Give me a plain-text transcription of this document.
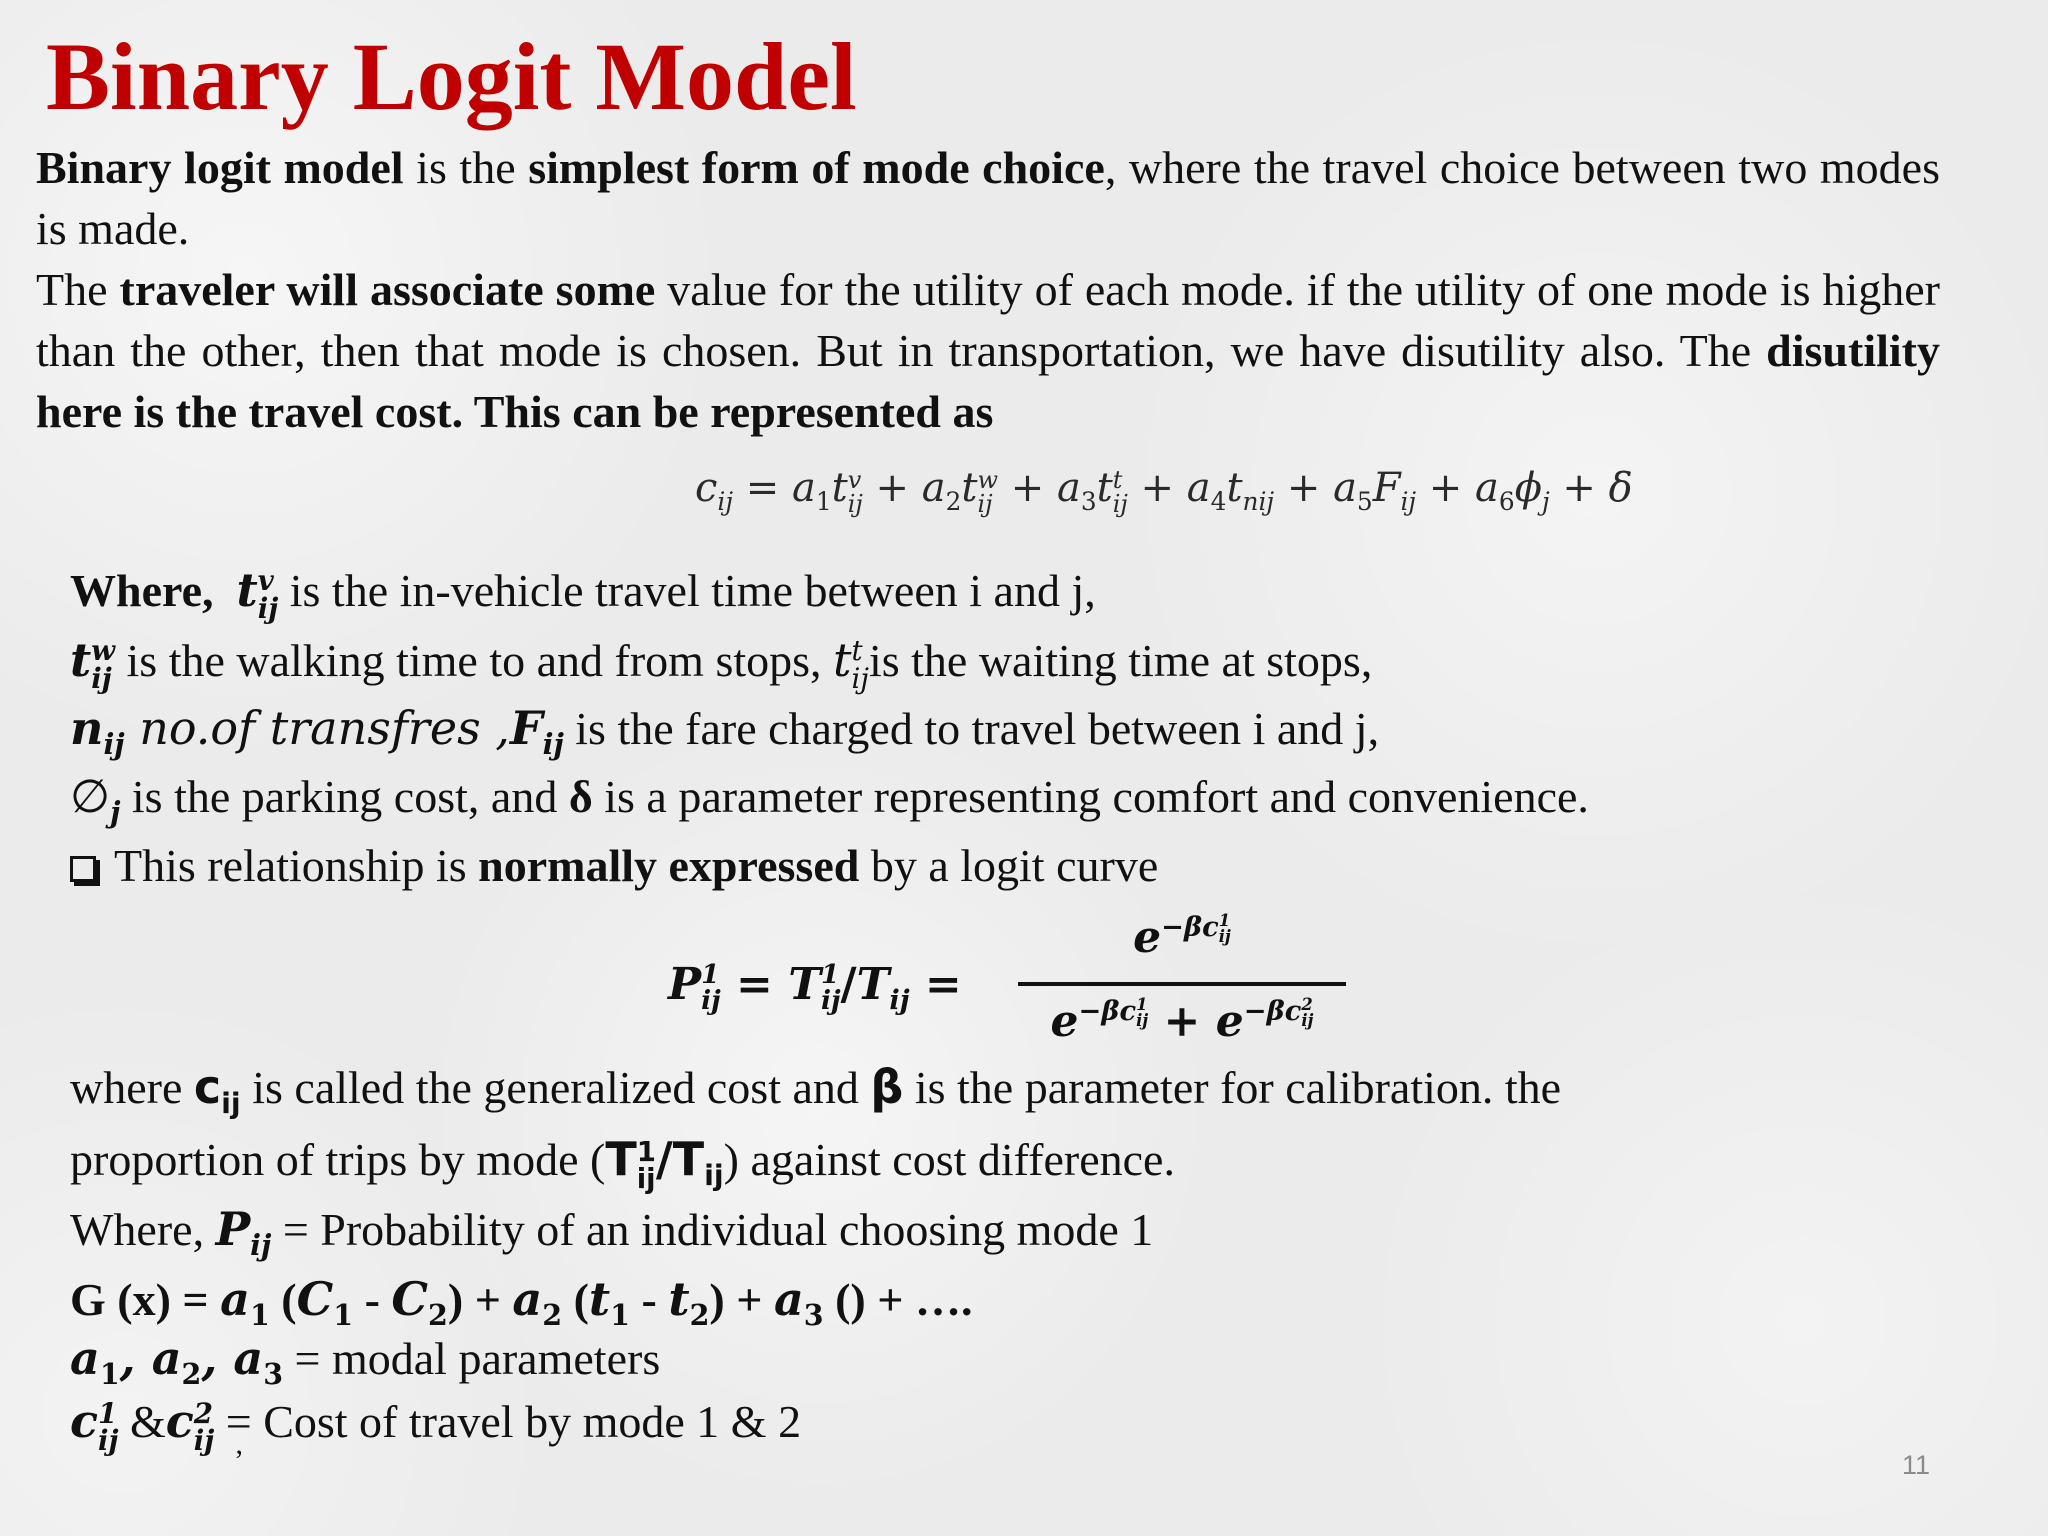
Binary Logit Model

Binary logit model is the simplest form of mode choice, where the travel choice between two modes is made.

The traveler will associate some value for the utility of each mode. if the utility of one mode is higher than the other, then that mode is chosen. But in transportation, we have disutility also. The disutility here is the travel cost. This can be represented as

$c_{ij} = a_1t$ v
ij + $a_2t$ w
ij + $a_3t$ t
ij + $a_4t_{nij} + a_5F_{ij} + a_6\phi_j + \delta$
Where, t v
ij is the in-vehicle travel time between i and j,
t w
ij is the walking time to and from stops, t t
ij is the waiting time at stops,
$n_{ij}$ no.of transfres $,F_{ij}$ is the fare charged to travel between i and j,
$\emptyset_j$ is the parking cost, and δ is a parameter representing comfort and convenience.
This relationship is normally expressed by a logit curve
P 1
ij = T 1
ij $/T_{ij}$ =
$e^{-\beta c 1 ij}$
$e^{-\beta c 1 ij} + e^{-\beta c 2 ij}$
where $c_{ij}$ is called the generalized cost and β is the parameter for calibration. the
proportion of trips by mode (T 1
ij $/T_{ij}$) against cost difference.
Where, $P_{ij}$ = Probability of an individual choosing mode 1
G $(x) = a_1$ $(C_1 - C_2) + a_2$ $(t_1 - t_2) + a_3$ () + ….
$a_1$, $a_2$, $a_3$ = modal parameters
c 1
ij &c 2
ij = Cost of travel by mode 1 & 2
’	11
